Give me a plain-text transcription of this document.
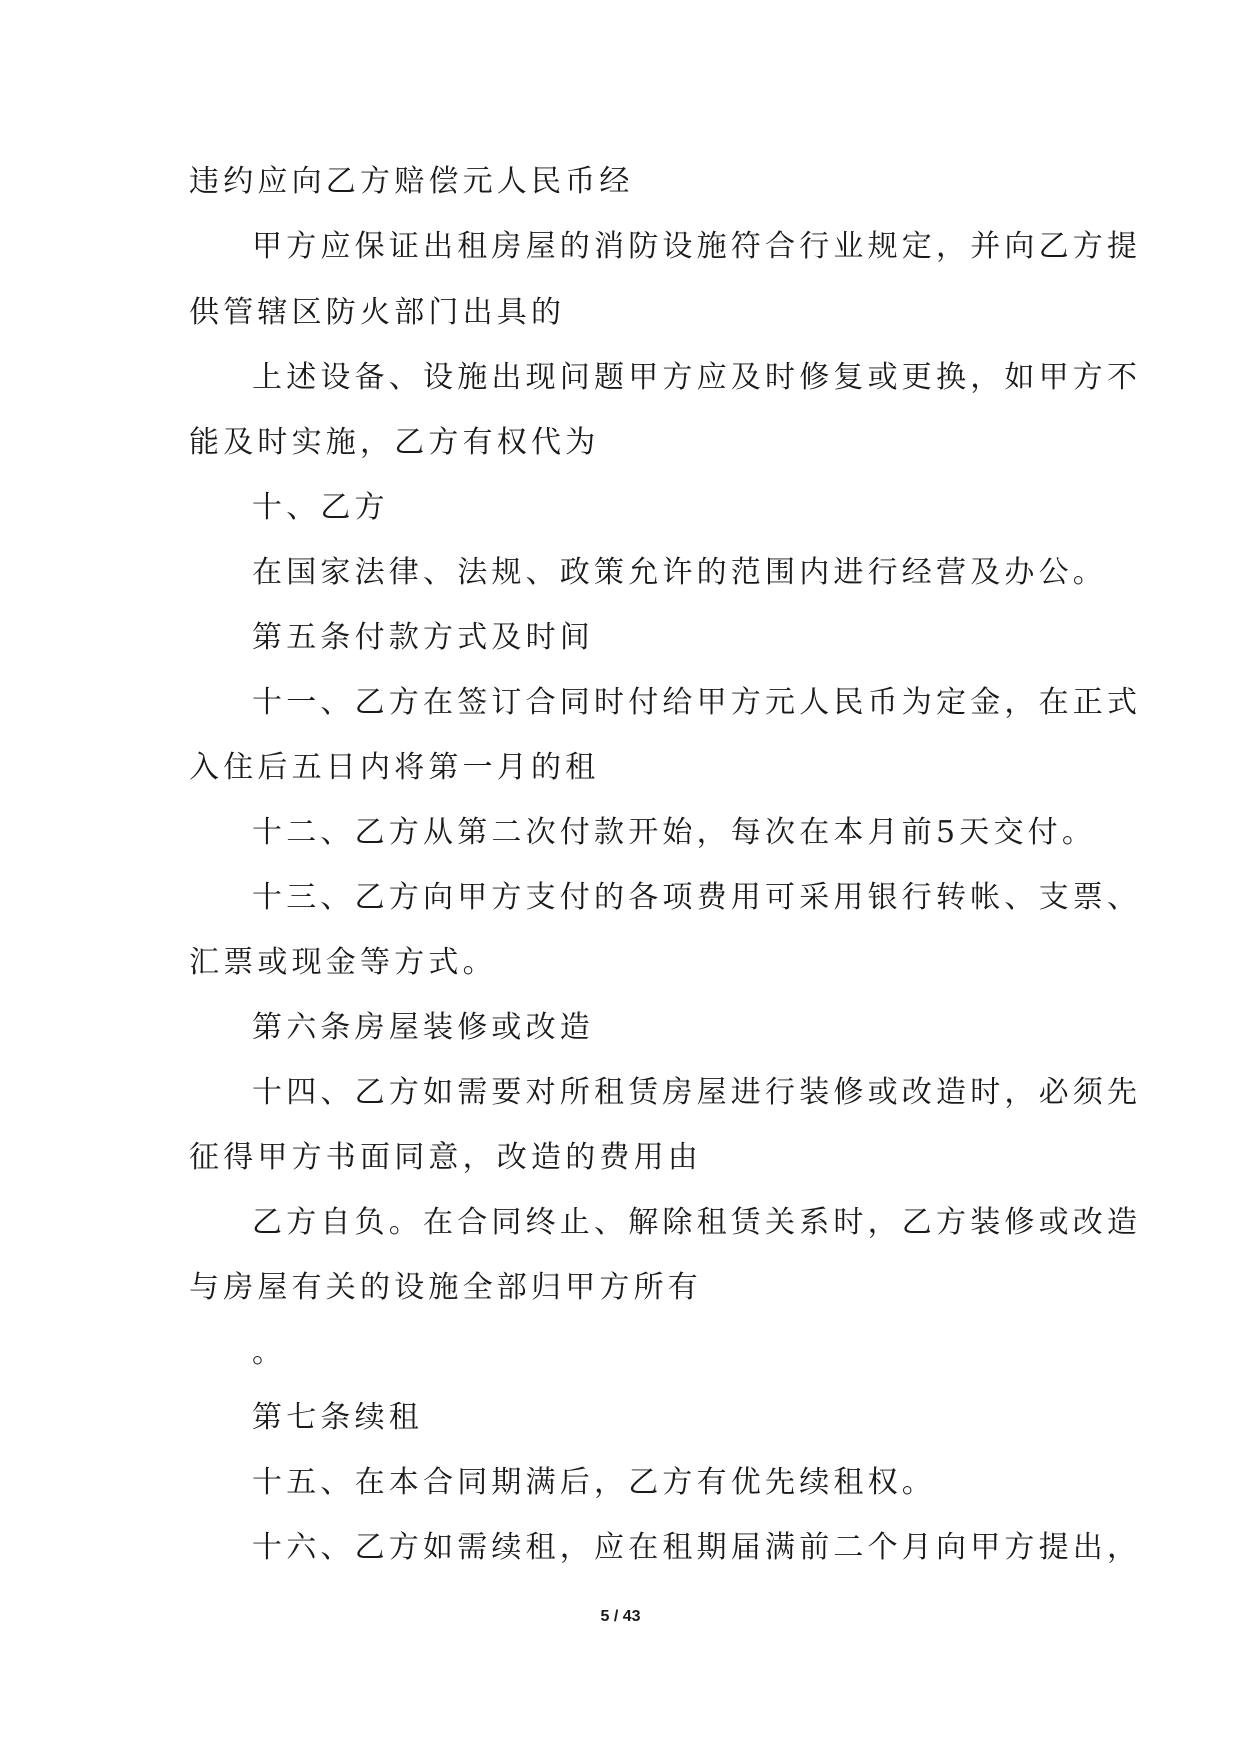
违约应向乙方赔偿元人民币经
甲方应保证出租房屋的消防设施符合行业规定，并向乙方提
供管辖区防火部门出具的
上述设备、设施出现问题甲方应及时修复或更换，如甲方不
能及时实施，乙方有权代为
十、乙方
在国家法律、法规、政策允许的范围内进行经营及办公。
第五条付款方式及时间
十一、乙方在签订合同时付给甲方元人民币为定金，在正式
入住后五日内将第一月的租
十二、乙方从第二次付款开始，每次在本月前5天交付。
十三、乙方向甲方支付的各项费用可采用银行转帐、支票、
汇票或现金等方式。
第六条房屋装修或改造
十四、乙方如需要对所租赁房屋进行装修或改造时，必须先
征得甲方书面同意，改造的费用由
乙方自负。在合同终止、解除租赁关系时，乙方装修或改造
与房屋有关的设施全部归甲方所有
。
第七条续租
十五、在本合同期满后，乙方有优先续租权。
十六、乙方如需续租，应在租期届满前二个月向甲方提出，
5 / 43
